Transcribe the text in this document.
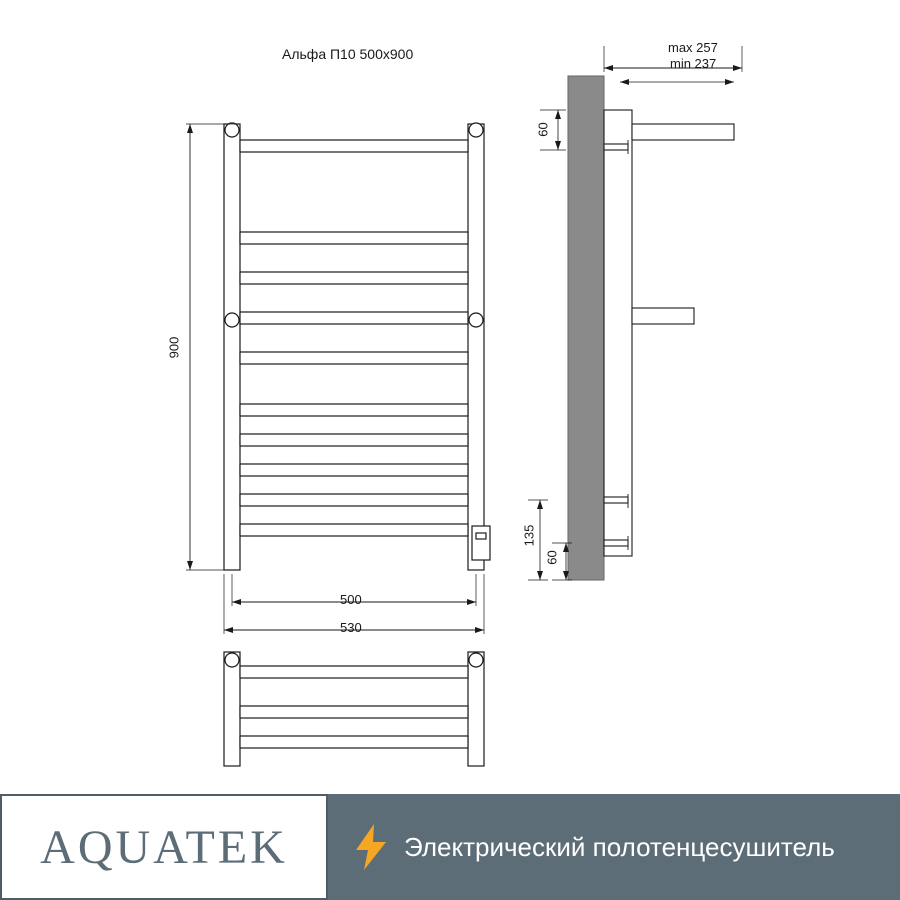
Альфа П10 500x900
900
500
530
max 257
min 237
60
135
60
AQUATEK	Электрический полотенцесушитель
